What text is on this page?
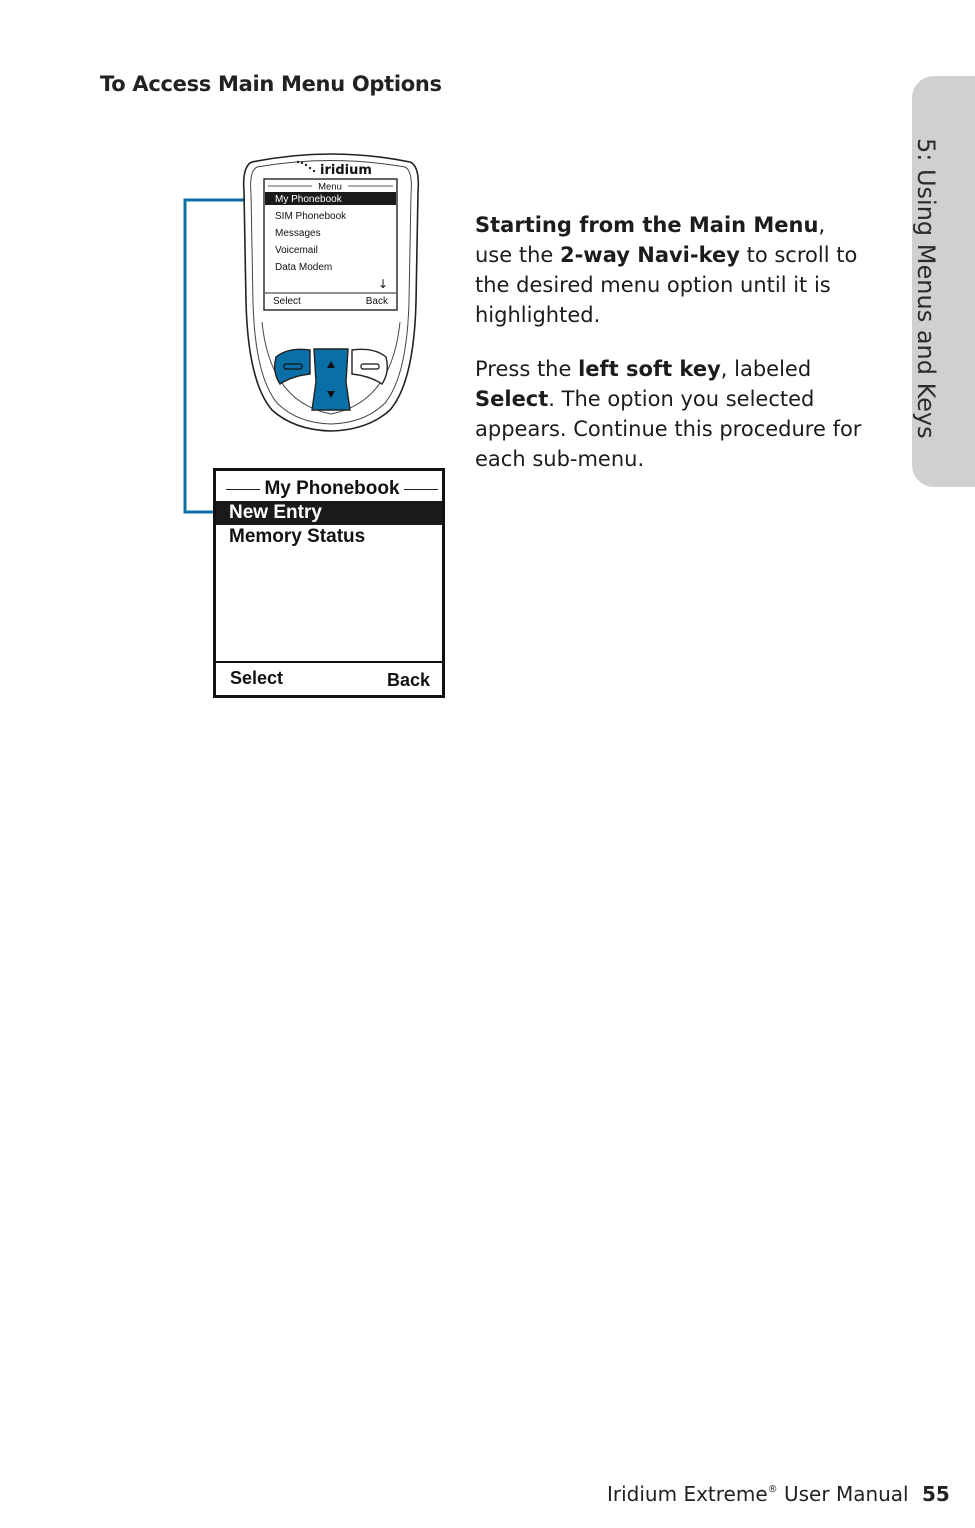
To Access Main Menu Options
5: Using Menus and Keys
iridium
Menu
My Phonebook
SIM Phonebook
Messages
Voicemail
Data Modem
↓
Select	Back
My Phonebook
New Entry
Memory Status
Select	Back

Starting from the Main Menu,
use the 2-way Navi-key to scroll to the desired menu option until it is highlighted.

Press the left soft key, labeled Select. The option you selected appears. Continue this procedure for each sub-menu.

Iridium Extreme® User Manual 55
